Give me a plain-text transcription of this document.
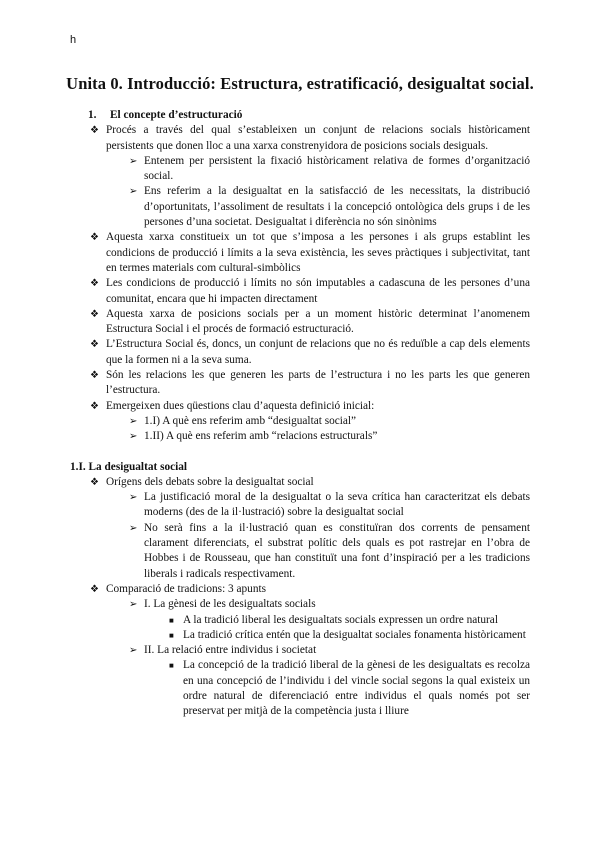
h
Unita 0. Introducció: Estructura, estratificació, desigualtat social.
1.	El concepte d’estructuració
❖ Procés a través del qual s’estableixen un conjunt de relacions socials històricament persistents que donen lloc a una xarxa constrenyidora de posicions socials desiguals.
➢ Entenem per persistent la fixació històricament relativa de formes d’organització social.
➢ Ens referim a la desigualtat en la satisfacció de les necessitats, la distribució d’oportunitats, l’assoliment de resultats i la concepció ontològica dels grups i de les persones d’una societat. Desigualtat i diferència no són sinònims
❖ Aquesta xarxa constitueix un tot que s’imposa a les persones i als grups establint les condicions de producció i límits a la seva existència, les seves pràctiques i subjectivitat, tant en termes materials com cultural-simbòlics
❖ Les condicions de producció i límits no són imputables a cadascuna de les persones d’una comunitat, encara que hi impacten directament
❖ Aquesta xarxa de posicions socials per a un moment històric determinat l’anomenem Estructura Social i el procés de formació estructuració.
❖ L’Estructura Social és, doncs, un conjunt de relacions que no és reduïble a cap dels elements que la formen ni a la seva suma.
❖ Són les relacions les que generen les parts de l’estructura i no les parts les que generen l’estructura.
❖ Emergeixen dues qüestions clau d’aquesta definició inicial:
➢ 1.I) A què ens referim amb “desigualtat social”
➢ 1.II) A què ens referim amb “relacions estructurals”
1.I. La desigualtat social
❖ Orígens dels debats sobre la desigualtat social
➢ La justificació moral de la desigualtat o la seva crítica han caracteritzat els debats moderns (des de la il·lustració) sobre la desigualtat social
➢ No serà fins a la il·lustració quan es constituïran dos corrents de pensament clarament diferenciats, el substrat polític dels quals es pot rastrejar en l’obra de Hobbes i de Rousseau, que han constituït una font d’inspiració per a les tradicions liberals i radicals respectivament.
❖ Comparació de tradicions: 3 apunts
➢ I. La gènesi de les desigualtats socials
■ A la tradició liberal les desigualtats socials expressen un ordre natural
■ La tradició crítica entén que la desigualtat sociales fonamenta històricament
➢ II. La relació entre individus i societat
■ La concepció de la tradició liberal de la gènesi de les desigualtats es recolza en una concepció de l’individu i del vincle social segons la qual existeix un ordre natural de diferenciació entre individus el quals només pot ser preservat per mitjà de la competència justa i lliure
